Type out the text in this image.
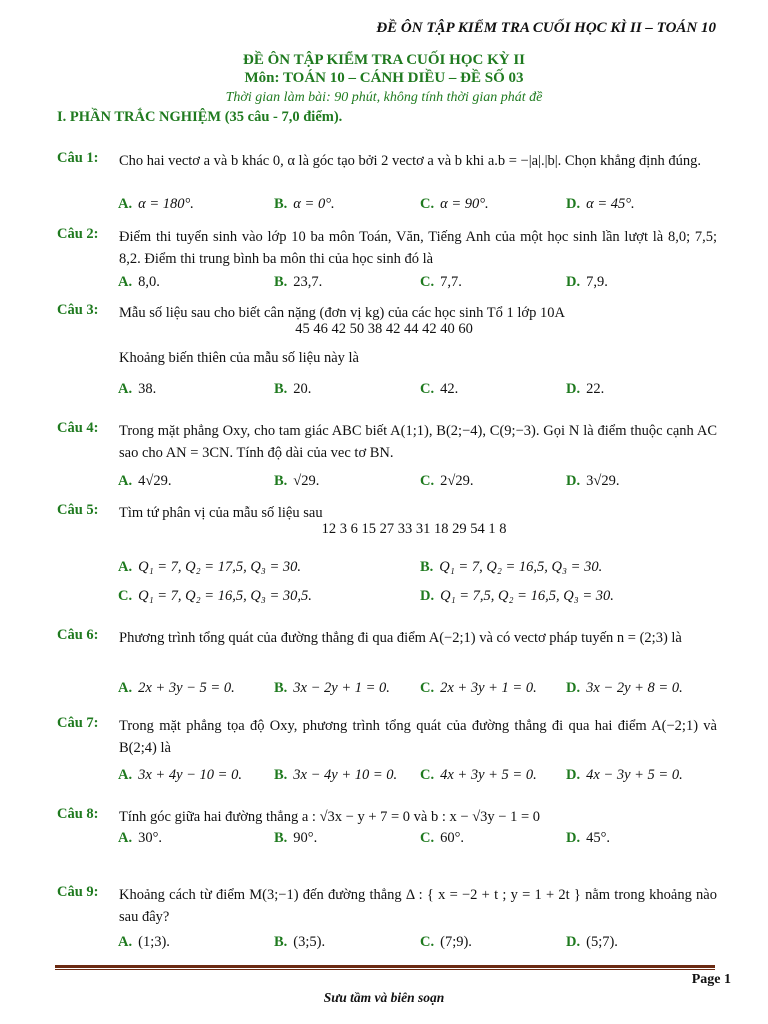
ĐỀ ÔN TẬP KIỂM TRA CUỐI HỌC KÌ II – TOÁN 10
ĐỀ ÔN TẬP KIỂM TRA CUỐI HỌC KỲ II
Môn: TOÁN 10 – CÁNH DIỀU – ĐỀ SỐ 03
Thời gian làm bài: 90 phút, không tính thời gian phát đề
I. PHẦN TRẮC NGHIỆM (35 câu - 7,0 điểm).
Câu 1: Cho hai vectơ a và b khác 0, α là góc tạo bởi 2 vectơ a và b khi a.b = −|a|.|b|. Chọn khẳng định đúng.
A. α = 180°.	B. α = 0°.	C. α = 90°.	D. α = 45°.
Câu 2: Điểm thi tuyển sinh vào lớp 10 ba môn Toán, Văn, Tiếng Anh của một học sinh lần lượt là 8,0; 7,5; 8,2. Điểm thi trung bình ba môn thi của học sinh đó là
A. 8,0.	B. 23,7.	C. 7,7.	D. 7,9.
Câu 3: Mẫu số liệu sau cho biết cân nặng (đơn vị kg) của các học sinh Tổ 1 lớp 10A
45 46 42 50 38 42 44 42 40 60
Khoảng biến thiên của mẫu số liệu này là
A. 38.	B. 20.	C. 42.	D. 22.
Câu 4: Trong mặt phẳng Oxy, cho tam giác ABC biết A(1;1), B(2;−4), C(9;−3). Gọi N là điểm thuộc cạnh AC sao cho AN = 3CN. Tính độ dài của vec tơ BN.
A. 4√29.	B. √29.	C. 2√29.	D. 3√29.
Câu 5: Tìm tứ phân vị của mẫu số liệu sau
12 3 6 15 27 33 31 18 29 54 1 8
A. Q₁ = 7, Q₂ = 17,5, Q₃ = 30.	B. Q₁ = 7, Q₂ = 16,5, Q₃ = 30.
C. Q₁ = 7, Q₂ = 16,5, Q₃ = 30,5.	D. Q₁ = 7,5, Q₂ = 16,5, Q₃ = 30.
Câu 6: Phương trình tổng quát của đường thẳng đi qua điểm A(−2;1) và có vectơ pháp tuyến n = (2;3) là
A. 2x + 3y − 5 = 0.	B. 3x − 2y + 1 = 0. C. 2x + 3y + 1 = 0. D. 3x − 2y + 8 = 0.
Câu 7: Trong mặt phẳng tọa độ Oxy, phương trình tổng quát của đường thẳng đi qua hai điểm A(−2;1) và B(2;4) là
A. 3x + 4y − 10 = 0. B. 3x − 4y + 10 = 0. C. 4x + 3y + 5 = 0. D. 4x − 3y + 5 = 0.
Câu 8: Tính góc giữa hai đường thẳng a : √3x − y + 7 = 0 và b : x − √3y − 1 = 0
A. 30°.	B. 90°.	C. 60°.	D. 45°.
Câu 9: Khoảng cách từ điểm M(3;−1) đến đường thẳng Δ : { x = −2 + t ; y = 1 + 2t } nằm trong khoảng nào sau đây?
A. (1;3).	B. (3;5).	C. (7;9).	D. (5;7).
Page 1
Sưu tầm và biên soạn
